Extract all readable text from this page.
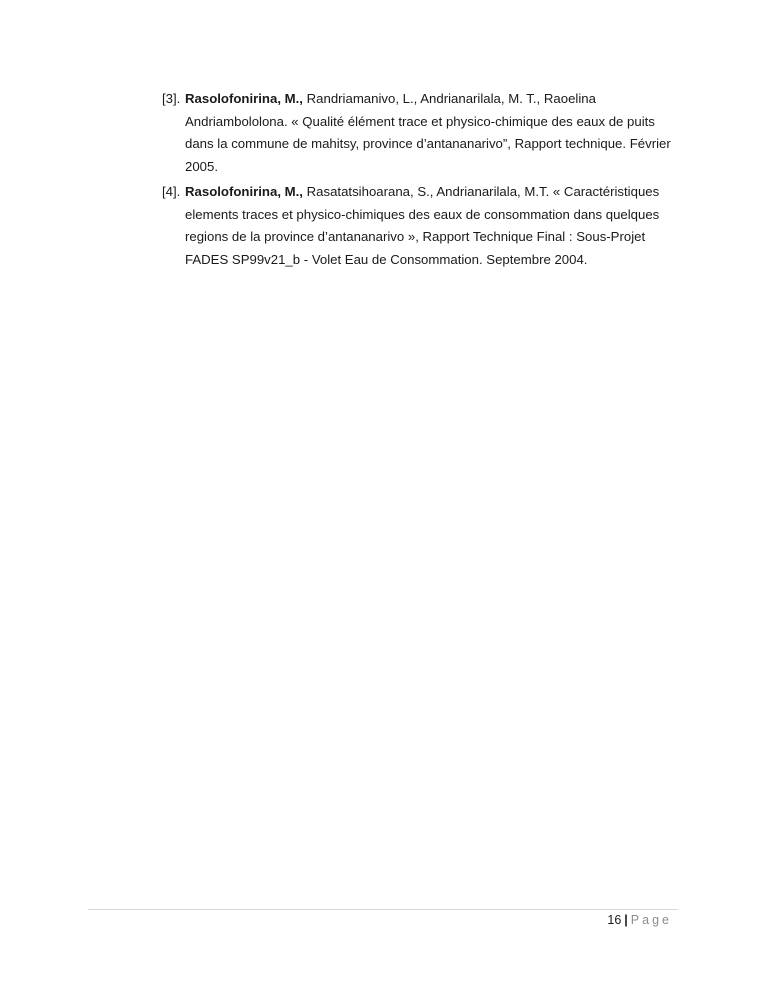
[3]. Rasolofonirina, M., Randriamanivo, L., Andrianarilala, M. T., Raoelina Andriambololona. « Qualité élément trace et physico-chimique des eaux de puits dans la commune de mahitsy, province d’antananarivo”, Rapport technique. Février 2005.
[4]. Rasolofonirina, M., Rasatatsihoarana, S., Andrianarilala, M.T. « Caractéristiques elements traces et physico-chimiques des eaux de consommation dans quelques regions de la province d’antananarivo », Rapport Technique Final : Sous-Projet FADES SP99v21_b - Volet Eau de Consommation. Septembre 2004.
16 | Page
